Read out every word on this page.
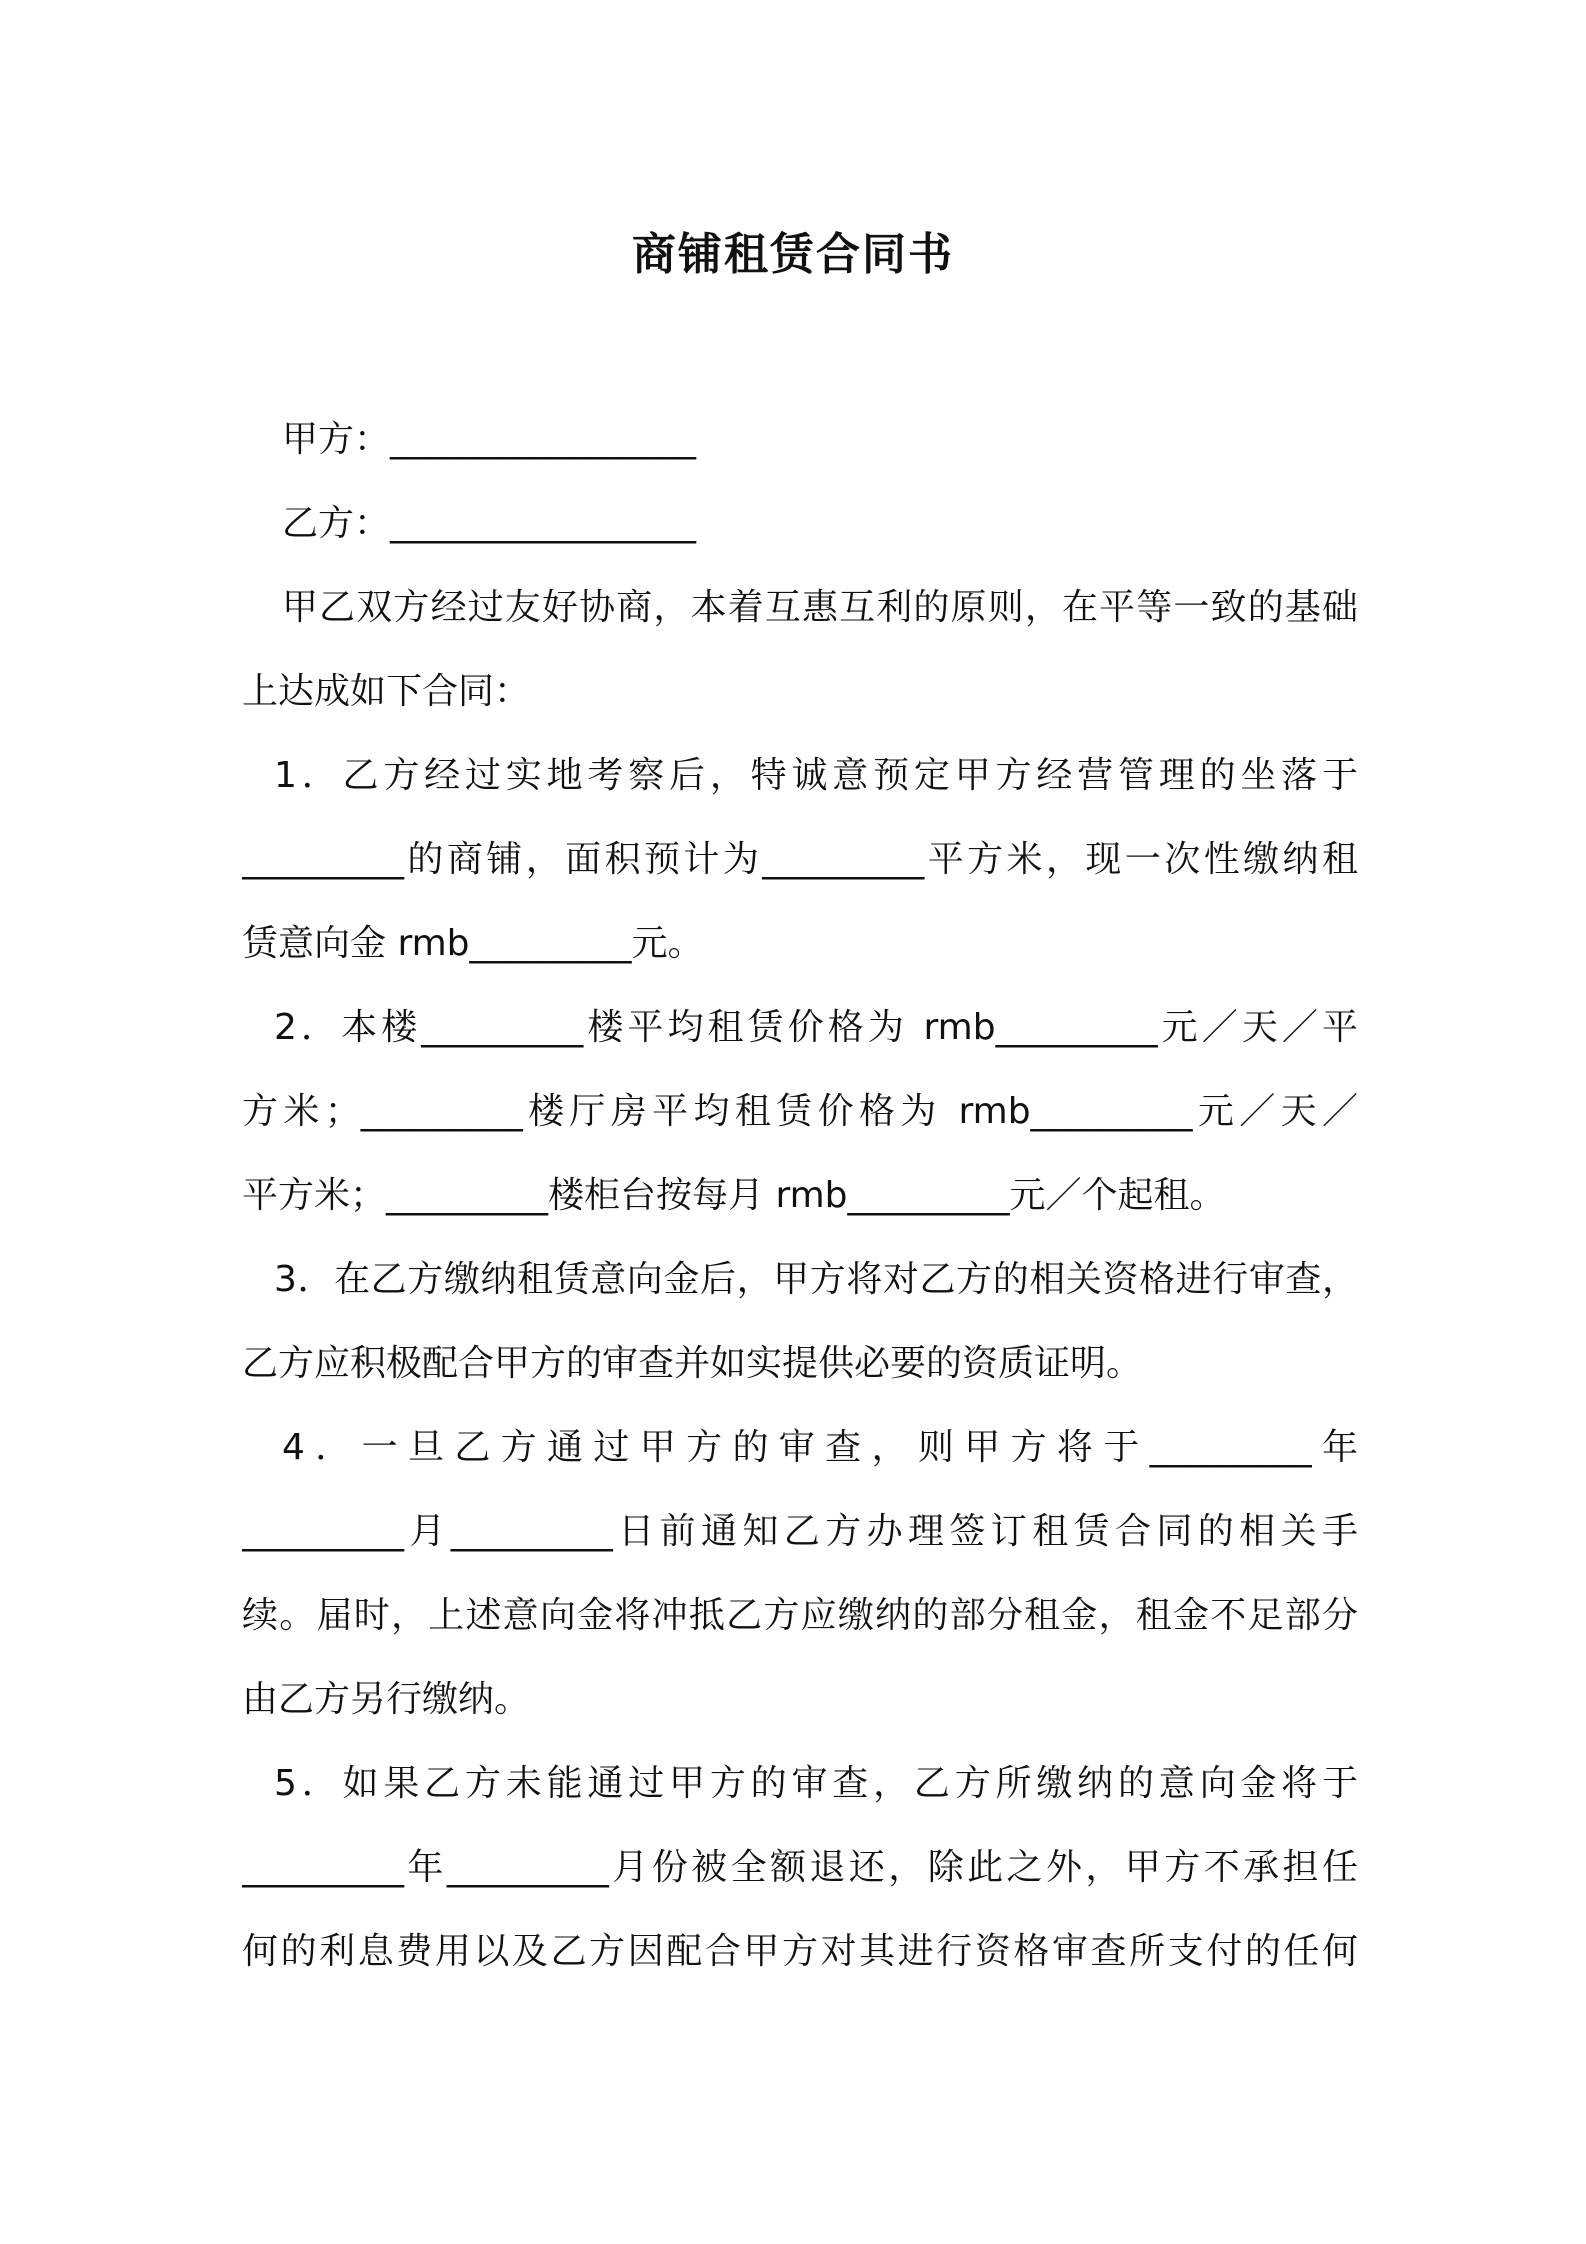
商铺租赁合同书
甲方：_________________
乙方：_________________
甲乙双方经过友好协商，本着互惠互利的原则，在平等一致的基础
上达成如下合同：
1．乙方经过实地考察后，特诚意预定甲方经营管理的坐落于
_________的商铺，面积预计为_________平方米，现一次性缴纳租
赁意向金 rmb_________元。
2．本楼_________楼平均租赁价格为 rmb_________元／天／平
方米；_________楼厅房平均租赁价格为 rmb_________元／天／
平方米；_________楼柜台按每月 rmb_________元／个起租。
3．在乙方缴纳租赁意向金后，甲方将对乙方的相关资格进行审查，
乙方应积极配合甲方的审查并如实提供必要的资质证明。
4．一旦乙方通过甲方的审查，则甲方将于_________年
_________月_________日前通知乙方办理签订租赁合同的相关手
续。届时，上述意向金将冲抵乙方应缴纳的部分租金，租金不足部分
由乙方另行缴纳。
5．如果乙方未能通过甲方的审查，乙方所缴纳的意向金将于
_________年_________月份被全额退还，除此之外，甲方不承担任
何的利息费用以及乙方因配合甲方对其进行资格审查所支付的任何
